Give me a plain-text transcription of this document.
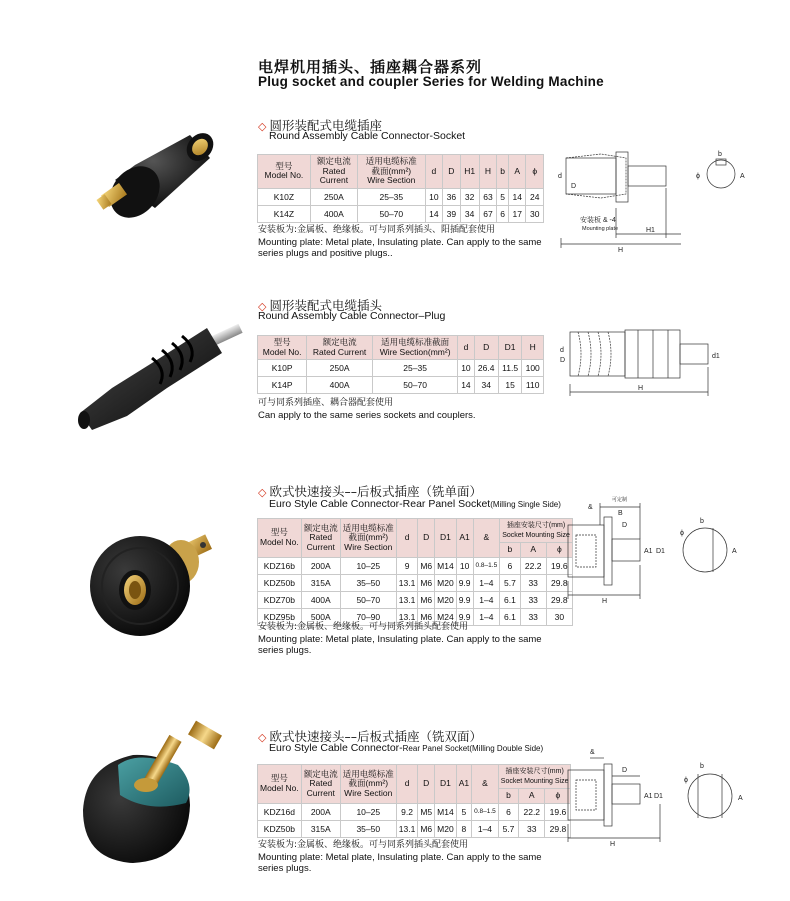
电焊机用插头、插座耦合器系列
Plug socket and coupler Series for Welding Machine
◇ 圆形装配式电缆插座
Round Assembly Cable Connector-Socket
型号
Model No.	额定电流
Rated
Current	适用电缆标准
截面(mm²)
Wire Section	d	D	H1	H	b	A	ϕ
K10Z	250A	25–35	10	36	32	63	5	14	24
K14Z	400A	50–70	14	39	34	67	6	17	30
安装板为:金属板、绝缘板。可与同系列插头、阳插配套使用
Mounting plate: Metal plate, Insulating plate. Can apply to the same
series plugs and positive plugs..
安装板 & -4
Mounting plate	H1
H
d
D
b
A
ϕ
◇ 圆形装配式电缆插头
Round Assembly Cable Connector–Plug
型号
Model No.	额定电流
Rated Current	适用电缆标准截面
Wire Section(mm²)	d	D	D1	H
K10P	250A	25–35	10	26.4	11.5	100
K14P	400A	50–70	14	34	15	110
可与同系列插座、耦合器配套使用
Can apply to the same series sockets and couplers.
d
D
d1
H
◇ 欧式快速接头––后板式插座（铣单面）
Euro Style Cable Connector-Rear Panel Socket(Milling Single Side)
型号
Model No.	额定电流
Rated
Current	适用电缆标准
截面(mm²)
Wire Section	d	D	D1	A1	&	插座安装尺寸(mm)
Socket Mounting Size		
								b	A	ϕ
KDZ16b	200A	10–25	9	M6	M14	10	0.8–1.5	6	22.2	19.6
KDZ50b	315A	35–50	13.1	M6	M20	9.9	1–4	5.7	33	29.8
KDZ70b	400A	50–70	13.1	M6	M20	9.9	1–4	6.1	33	29.8
KDZ95b	500A	70–90	13.1	M6	M24	9.9	1–4	6.1	33	30
安装板为:金属板、绝缘板。可与同系列插头配套使用
Mounting plate: Metal plate, Insulating plate. Can apply to the same
series plugs.
可定制
&
B
D
A1 D1
H
b
ϕ
A
◇ 欧式快速接头––后板式插座（铣双面）
Euro Style Cable Connector-Rear Panel Socket(Milling Double Side)
型号
Model No.	额定电流
Rated
Current	适用电缆标准
截面(mm²)
Wire Section	d	D	D1	A1	&	插座安装尺寸(mm)
Socket Mounting Size		
								b	A	ϕ
KDZ16d	200A	10–25	9.2	M5	M14	5	0.8–1.5	6	22.2	19.6
KDZ50b	315A	35–50	13.1	M6	M20	8	1–4	5.7	33	29.8
安装板为:金属板、绝缘板。可与同系列插头配套使用
Mounting plate: Metal plate, Insulating plate. Can apply to the same
series plugs.
&
D
A1 D1
H
b
ϕ
A
